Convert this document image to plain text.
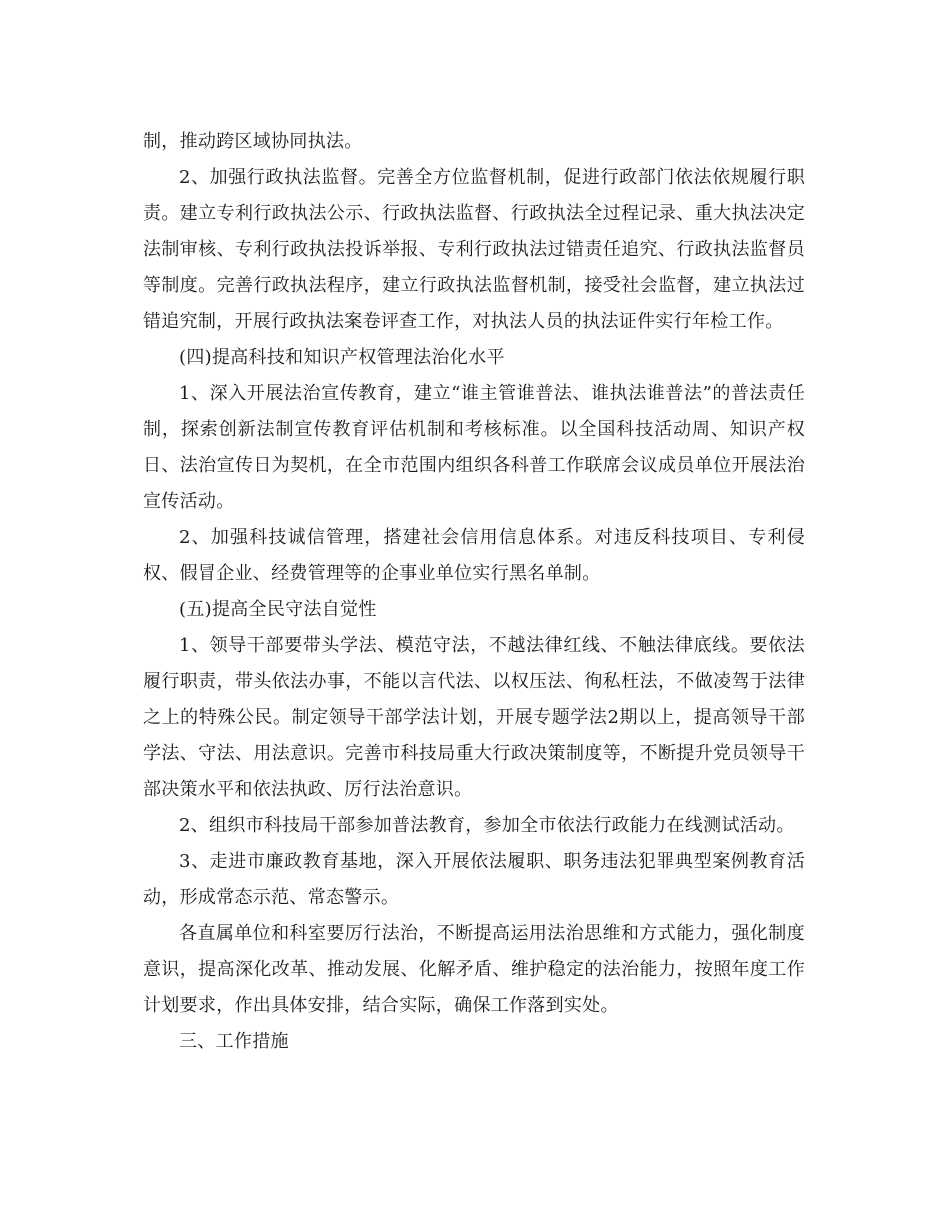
制，推动跨区域协同执法。

2、加强行政执法监督。完善全方位监督机制，促进行政部门依法依规履行职责。建立专利行政执法公示、行政执法监督、行政执法全过程记录、重大执法决定法制审核、专利行政执法投诉举报、专利行政执法过错责任追究、行政执法监督员等制度。完善行政执法程序，建立行政执法监督机制，接受社会监督，建立执法过错追究制，开展行政执法案卷评查工作，对执法人员的执法证件实行年检工作。

(四)提高科技和知识产权管理法治化水平

1、深入开展法治宣传教育，建立“谁主管谁普法、谁执法谁普法”的普法责任制，探索创新法制宣传教育评估机制和考核标准。以全国科技活动周、知识产权日、法治宣传日为契机，在全市范围内组织各科普工作联席会议成员单位开展法治宣传活动。

2、加强科技诚信管理，搭建社会信用信息体系。对违反科技项目、专利侵权、假冒企业、经费管理等的企事业单位实行黑名单制。

(五)提高全民守法自觉性

1、领导干部要带头学法、模范守法，不越法律红线、不触法律底线。要依法履行职责，带头依法办事，不能以言代法、以权压法、徇私枉法，不做凌驾于法律之上的特殊公民。制定领导干部学法计划，开展专题学法2期以上，提高领导干部学法、守法、用法意识。完善市科技局重大行政决策制度等，不断提升党员领导干部决策水平和依法执政、厉行法治意识。

2、组织市科技局干部参加普法教育，参加全市依法行政能力在线测试活动。

3、走进市廉政教育基地，深入开展依法履职、职务违法犯罪典型案例教育活动，形成常态示范、常态警示。

各直属单位和科室要厉行法治，不断提高运用法治思维和方式能力，强化制度意识，提高深化改革、推动发展、化解矛盾、维护稳定的法治能力，按照年度工作计划要求，作出具体安排，结合实际，确保工作落到实处。

三、工作措施
